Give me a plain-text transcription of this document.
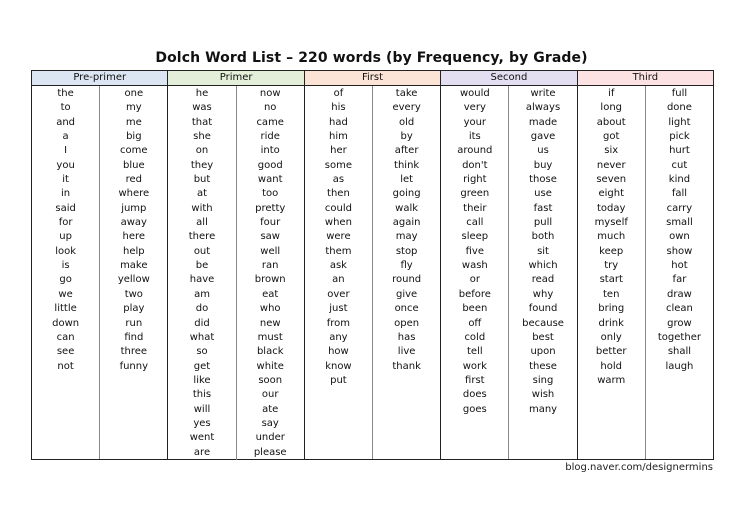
Dolch Word List – 220 words (by Frequency, by Grade)
Pre-primer
the
to
and
a
I
you
it
in
said
for
up
look
is
go
we
little
down
can
see
not
one
my
me
big
come
blue
red
where
jump
away
here
help
make
yellow
two
play
run
find
three
funny
Primer
he
was
that
she
on
they
but
at
with
all
there
out
be
have
am
do
did
what
so
get
like
this
will
yes
went
are
now
no
came
ride
into
good
want
too
pretty
four
saw
well
ran
brown
eat
who
new
must
black
white
soon
our
ate
say
under
please
First
of
his
had
him
her
some
as
then
could
when
were
them
ask
an
over
just
from
any
how
know
put
take
every
old
by
after
think
let
going
walk
again
may
stop
fly
round
give
once
open
has
live
thank
Second
would
very
your
its
around
don't
right
green
their
call
sleep
five
wash
or
before
been
off
cold
tell
work
first
does
goes
write
always
made
gave
us
buy
those
use
fast
pull
both
sit
which
read
why
found
because
best
upon
these
sing
wish
many
Third
if
long
about
got
six
never
seven
eight
today
myself
much
keep
try
start
ten
bring
drink
only
better
hold
warm
full
done
light
pick
hurt
cut
kind
fall
carry
small
own
show
hot
far
draw
clean
grow
together
shall
laugh
blog.naver.com/designermins
